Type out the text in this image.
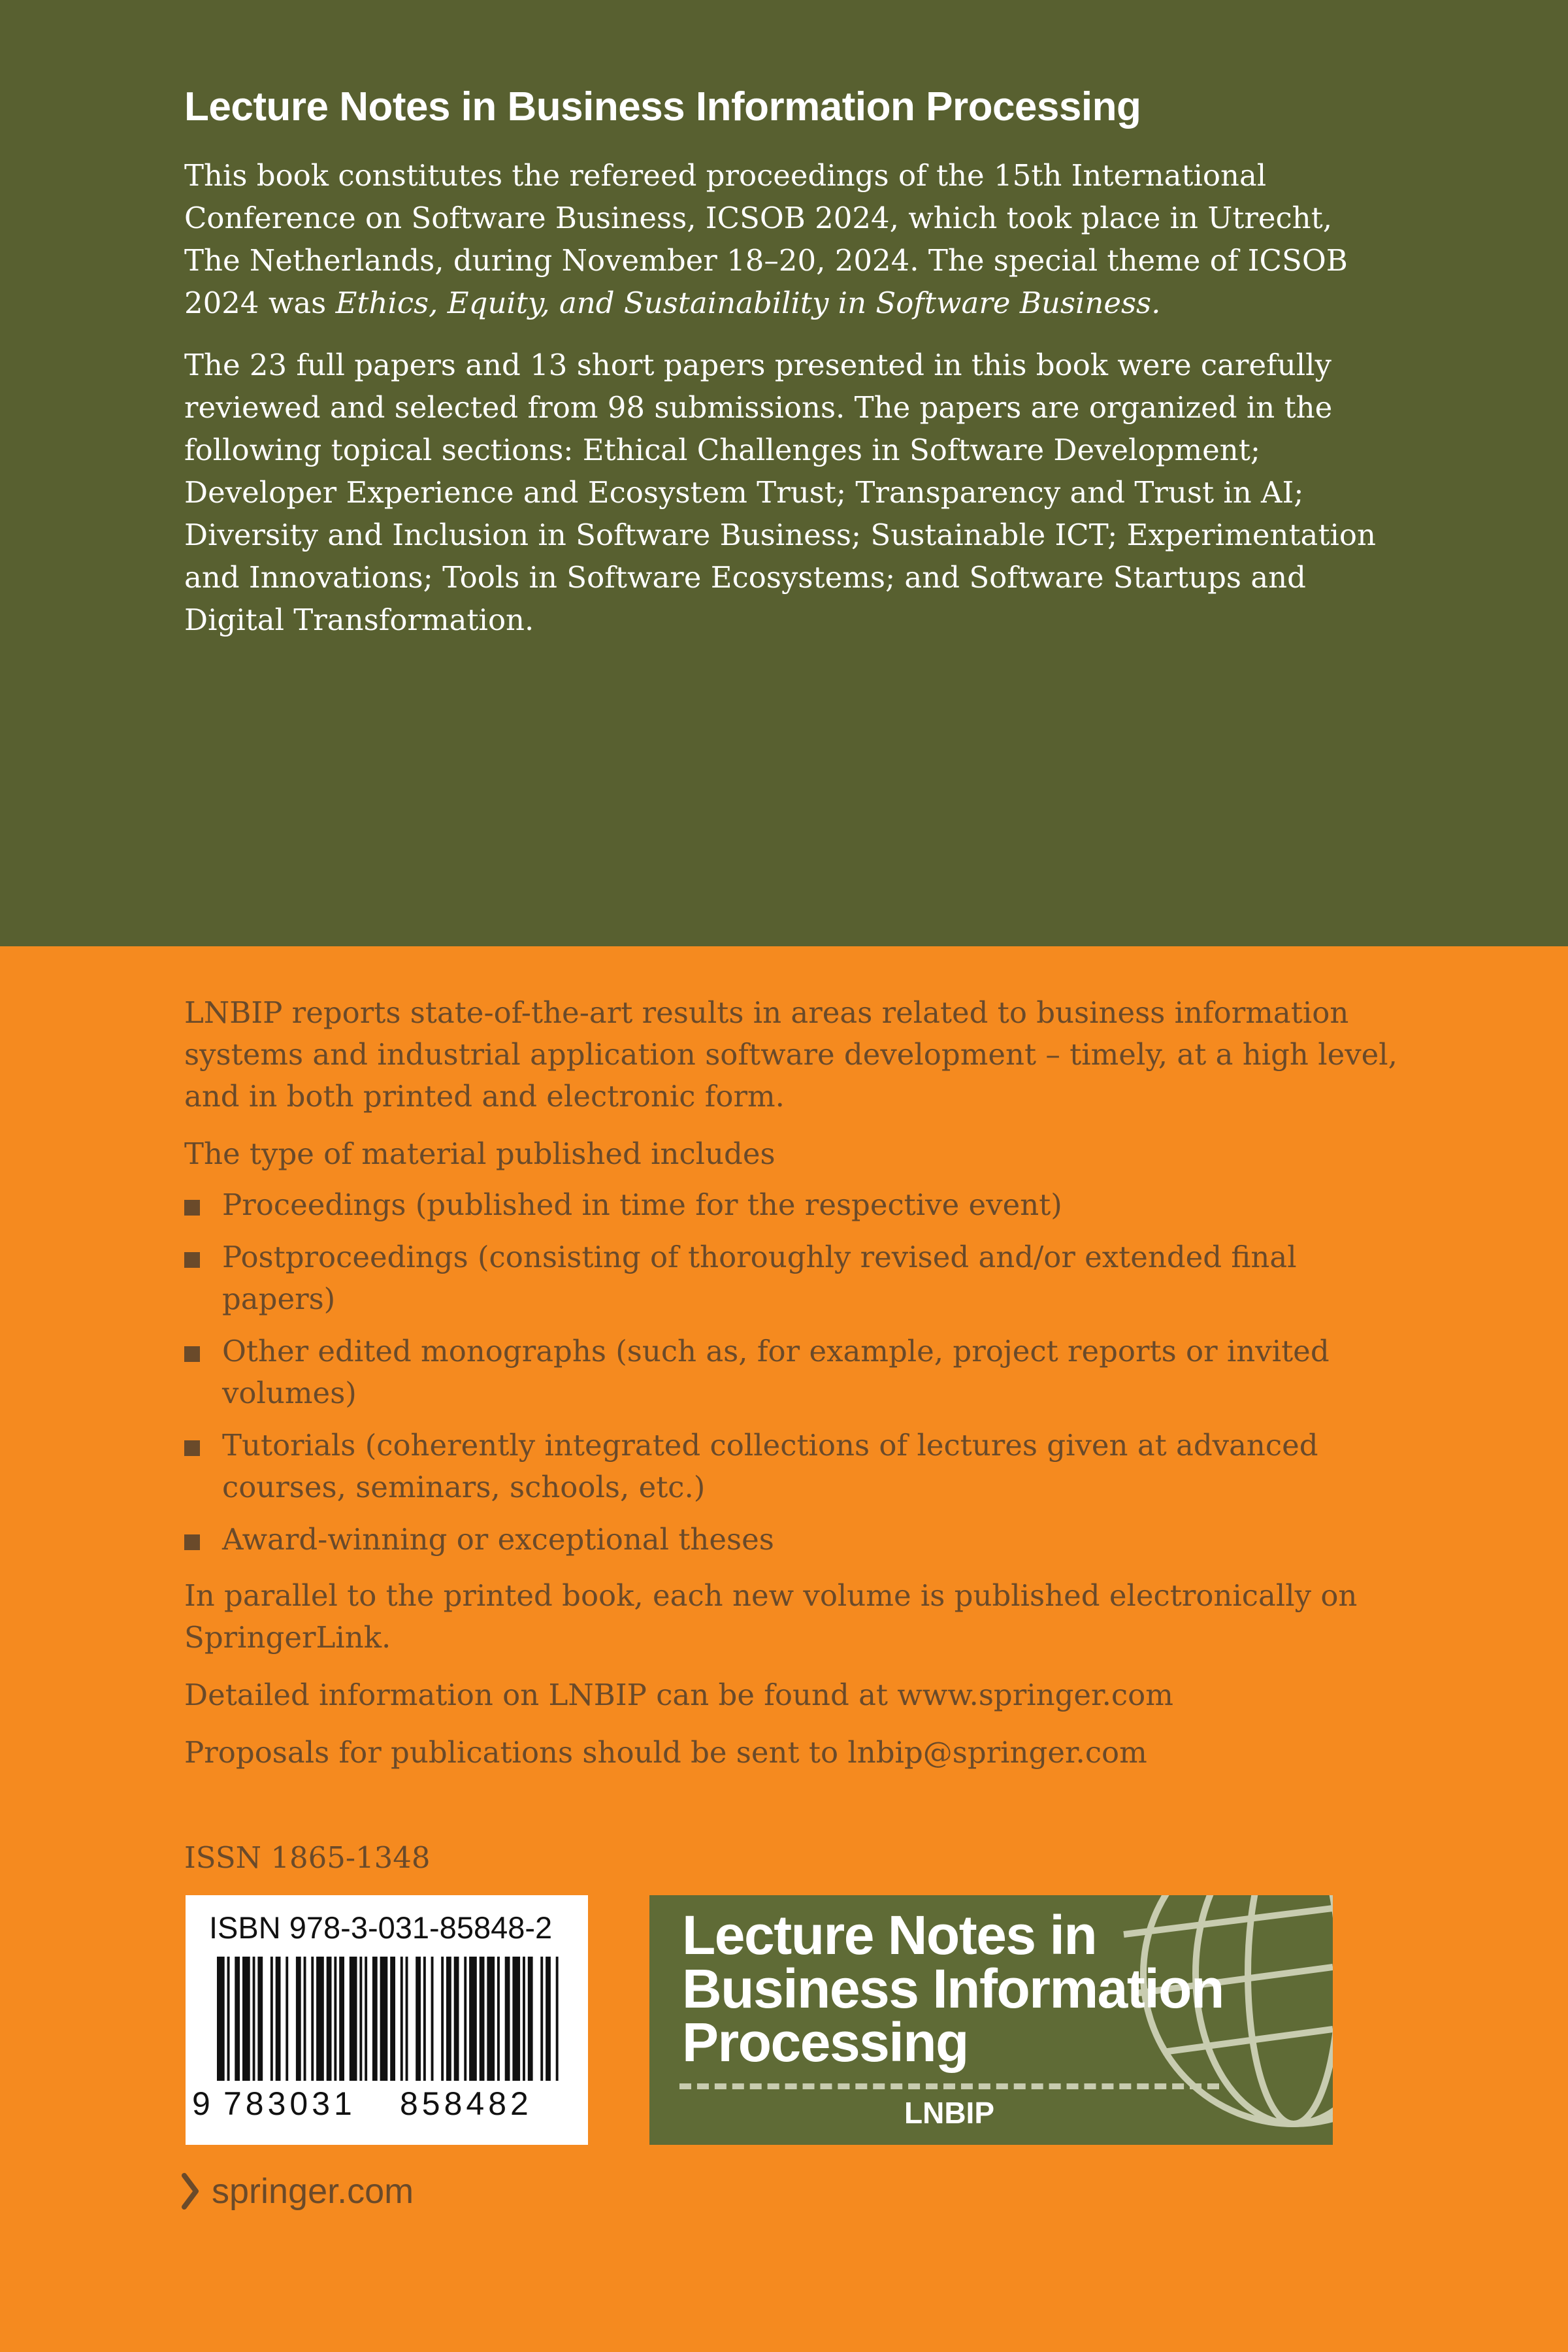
Lecture Notes in Business Information Processing

This book constitutes the refereed proceedings of the 15th International Conference on Software Business, ICSOB 2024, which took place in Utrecht, The Netherlands, during November 18–20, 2024. The special theme of ICSOB 2024 was Ethics, Equity, and Sustainability in Software Business.

The 23 full papers and 13 short papers presented in this book were carefully reviewed and selected from 98 submissions. The papers are organized in the following topical sections: Ethical Challenges in Software Development; Developer Experience and Ecosystem Trust; Transparency and Trust in AI; Diversity and Inclusion in Software Business; Sustainable ICT; Experimentation and Innovations; Tools in Software Ecosystems; and Software Startups and Digital Transformation.

LNBIP reports state-of-the-art results in areas related to business information systems and industrial application software development – timely, at a high level, and in both printed and electronic form.

The type of material published includes

Proceedings (published in time for the respective event)
Postproceedings (consisting of thoroughly revised and/or extended final papers)
Other edited monographs (such as, for example, project reports or invited volumes)
Tutorials (coherently integrated collections of lectures given at advanced courses, seminars, schools, etc.)
Award-winning or exceptional theses

In parallel to the printed book, each new volume is published electronically on SpringerLink.

Detailed information on LNBIP can be found at www.springer.com

Proposals for publications should be sent to lnbip@springer.com

ISSN 1865-1348
ISBN 978-3-031-85848-2
9 783031 858482
Lecture Notes in
Business Information
Processing
LNBIP
springer.com
